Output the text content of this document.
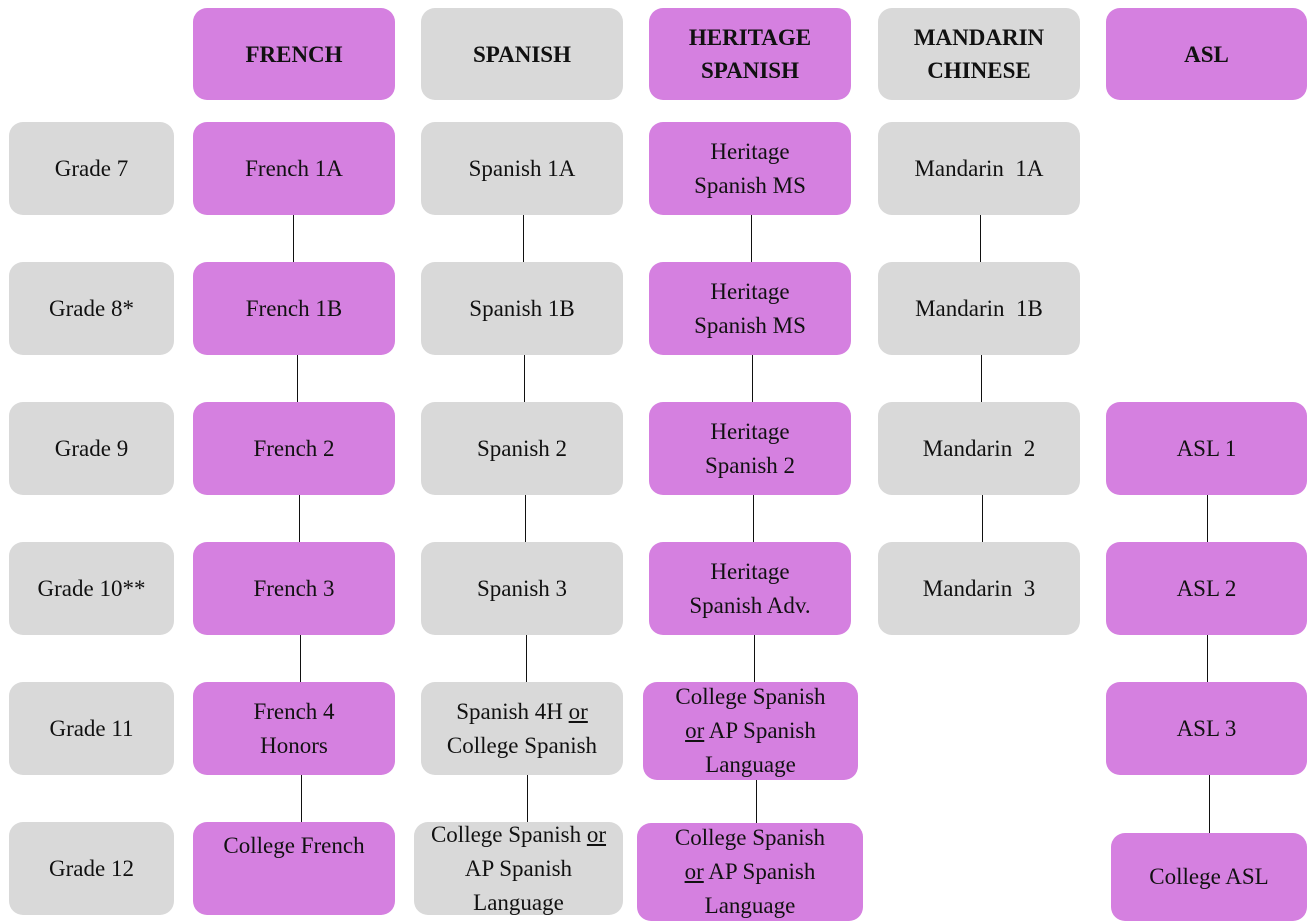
FRENCH	SPANISH
HERITAGE
SPANISH
MANDARIN
CHINESE
ASL
Grade 7
Grade 8*
Grade 9
Grade 10**
Grade 11
Grade 12
French 1A
French 1B
French 2
French 3
French 4
Honors
College French
Spanish 1A
Spanish 1B
Spanish 2
Spanish 3
Spanish 4H or
College Spanish
College Spanish or
AP Spanish
Language
Heritage
Spanish MS
Heritage
Spanish MS
Heritage
Spanish 2
Heritage
Spanish Adv.
College Spanish
or AP Spanish
Language
College Spanish
or AP Spanish
Language
Mandarin  1A
Mandarin  1B
Mandarin  2
Mandarin  3
ASL 1
ASL 2
ASL 3
College ASL
